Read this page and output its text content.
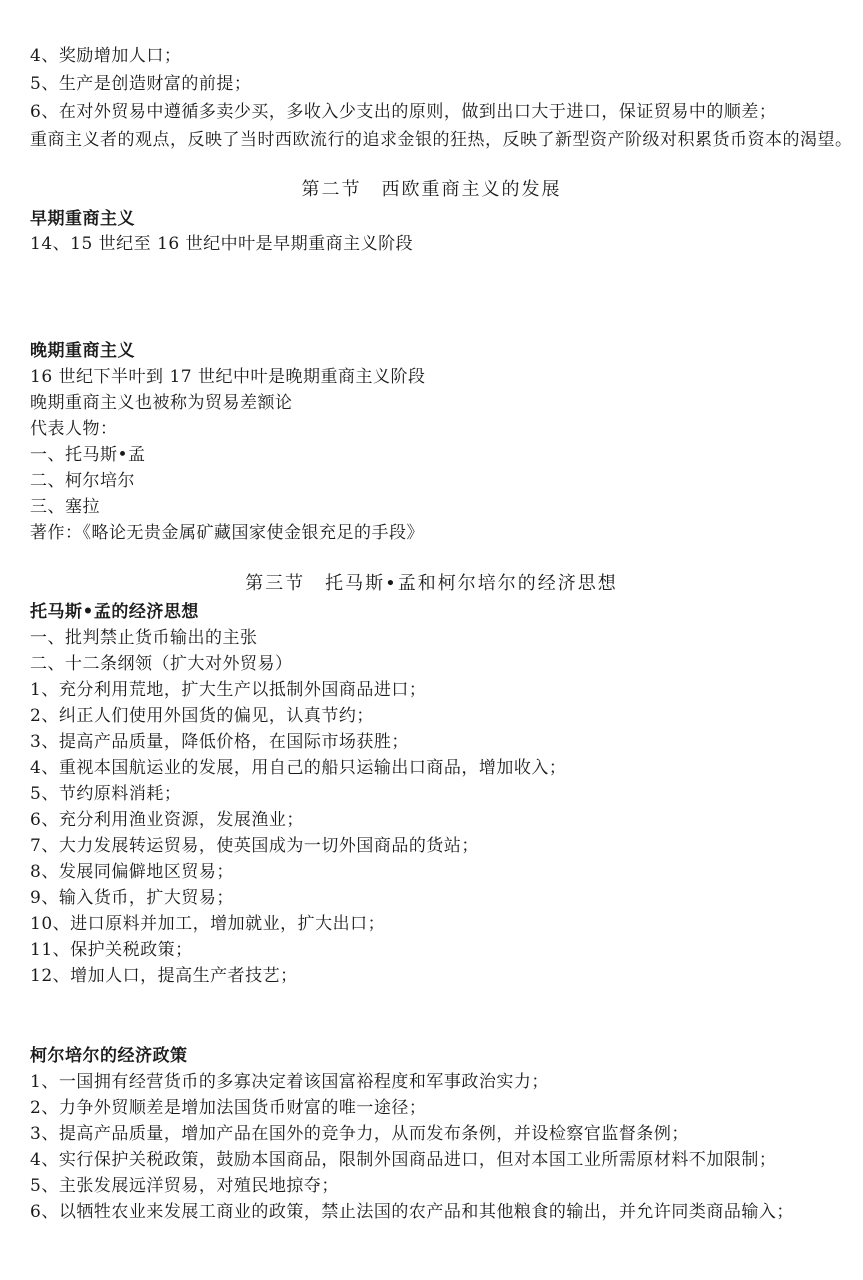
4、奖励增加人口；
5、生产是创造财富的前提；
6、在对外贸易中遵循多卖少买，多收入少支出的原则，做到出口大于进口，保证贸易中的顺差；
重商主义者的观点，反映了当时西欧流行的追求金银的狂热，反映了新型资产阶级对积累货币资本的渴望。
第二节　西欧重商主义的发展
早期重商主义
14、15 世纪至 16 世纪中叶是早期重商主义阶段
晚期重商主义
16 世纪下半叶到 17 世纪中叶是晚期重商主义阶段
晚期重商主义也被称为贸易差额论
代表人物：
一、托马斯•孟
二、柯尔培尔
三、塞拉
著作：《略论无贵金属矿藏国家使金银充足的手段》
第三节　托马斯•孟和柯尔培尔的经济思想
托马斯•孟的经济思想
一、批判禁止货币输出的主张
二、十二条纲领（扩大对外贸易）
1、充分利用荒地，扩大生产以抵制外国商品进口；
2、纠正人们使用外国货的偏见，认真节约；
3、提高产品质量，降低价格，在国际市场获胜；
4、重视本国航运业的发展，用自己的船只运输出口商品，增加收入；
5、节约原料消耗；
6、充分利用渔业资源，发展渔业；
7、大力发展转运贸易，使英国成为一切外国商品的货站；
8、发展同偏僻地区贸易；
9、输入货币，扩大贸易；
10、进口原料并加工，增加就业，扩大出口；
11、保护关税政策；
12、增加人口，提高生产者技艺；
柯尔培尔的经济政策
1、一国拥有经营货币的多寡决定着该国富裕程度和军事政治实力；
2、力争外贸顺差是增加法国货币财富的唯一途径；
3、提高产品质量，增加产品在国外的竞争力，从而发布条例，并设检察官监督条例；
4、实行保护关税政策，鼓励本国商品，限制外国商品进口，但对本国工业所需原材料不加限制；
5、主张发展远洋贸易，对殖民地掠夺；
6、以牺牲农业来发展工商业的政策，禁止法国的农产品和其他粮食的输出，并允许同类商品输入；
